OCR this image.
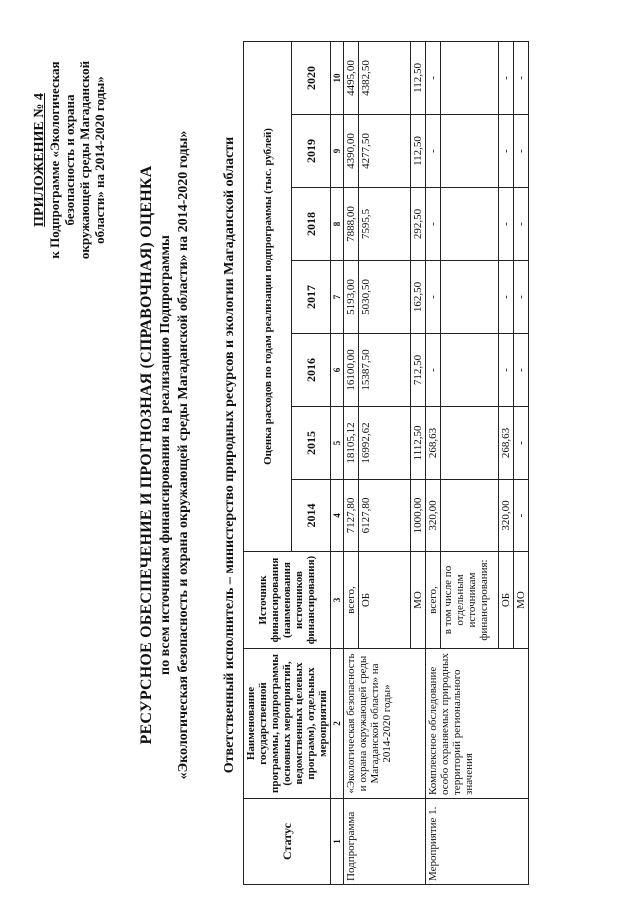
ПРИЛОЖЕНИЕ № 4 к Подпрограмме «Экологическая безопасность и охрана окружающей среды Магаданской области» на 2014-2020 годы»
РЕСУРСНОЕ ОБЕСПЕЧЕНИЕ И ПРОГНОЗНАЯ (СПРАВОЧНАЯ) ОЦЕНКА по всем источникам финансирования на реализацию Подпрограммы «Экологическая безопасность и охрана окружающей среды Магаданской области» на 2014-2020 годы» Ответственный исполнитель – министерство природных ресурсов и экологии Магаданской области
Статус	Наименование государственной программы, подпрограммы (основных мероприятий, ведомственных целевых программ), отдельных мероприятий	Источник финансирования (наименования источников финансирования)	Оценка расходов по годам реализации подпрограммы (тыс. рублей)						
			2014	2015	2016	2017	2018	2019	2020
1	2	3	4	5	6	7	8	9	10
Подпрограмма	«Экологическая безопасность и охрана окружающей среды Магаданской области» на 2014-2020 годы»	всего,	7127,80	18105,12	16100,00	5193,00	7888,00	4390,00	4495,00
		ОБ	6127,80	16992,62	15387,50	5030,50	7595,5	4277,50	4382,50
		МО	1000,00	1112,50	712,50	162,50	292,50	112,50	112,50
Мероприятие 1.	Комплексное обследование особо охраняемых природных территорий регионального значения	всего,	320,00	268,63	-	-	-	-	-
		в том числе по отдельным источникам финансирования:							
		ОБ	320,00	268,63	-	-	-	-	-
		МО	-	-	-	-	-	-	-
